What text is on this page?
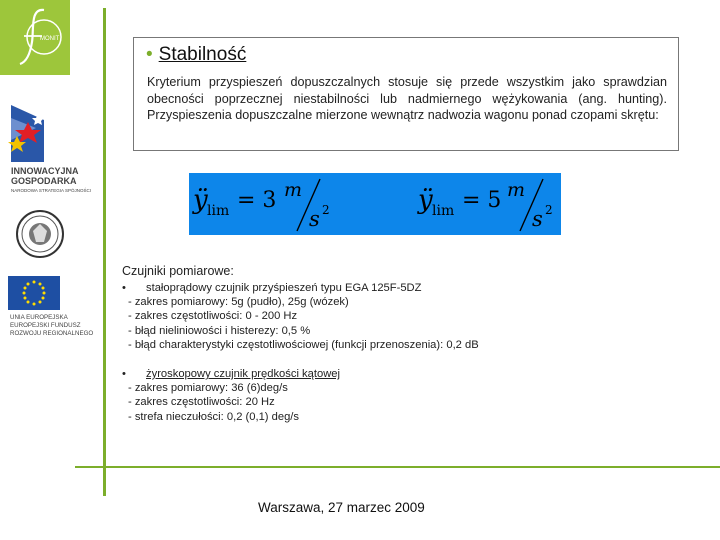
MONIT
INNOWACYJNA
GOSPODARKA
NARODOWA STRATEGIA SPÓJNOŚCI
UNIA EUROPEJSKA
EUROPEJSKI FUNDUSZ
ROZWOJU REGIONALNEGO
• Stabilność
Kryterium przyspieszeń dopuszczalnych stosuje się przede wszystkim jako sprawdzian obecności poprzecznej niestabilności lub nadmiernego wężykowania (ang. hunting). Przyspieszenia dopuszczalne mierzone wewnątrz nadwozia wagonu ponad czopami skrętu:
ÿ lim = 3 m
s 2	ÿ lim = 5 m
s 2
Czujniki pomiarowe:
• stałoprądowy czujnik przyśpieszeń typu EGA 125F-5DZ
- zakres pomiarowy: 5g (pudło), 25g (wózek)
- zakres częstotliwości: 0 - 200 Hz
- błąd nieliniowości i histerezy: 0,5 %
- błąd charakterystyki częstotliwościowej (funkcji przenoszenia): 0,2 dB
• żyroskopowy czujnik prędkości kątowej
- zakres pomiarowy: 36 (6)deg/s
- zakres częstotliwości: 20 Hz
- strefa nieczułości: 0,2 (0,1) deg/s
Warszawa, 27 marzec 2009
